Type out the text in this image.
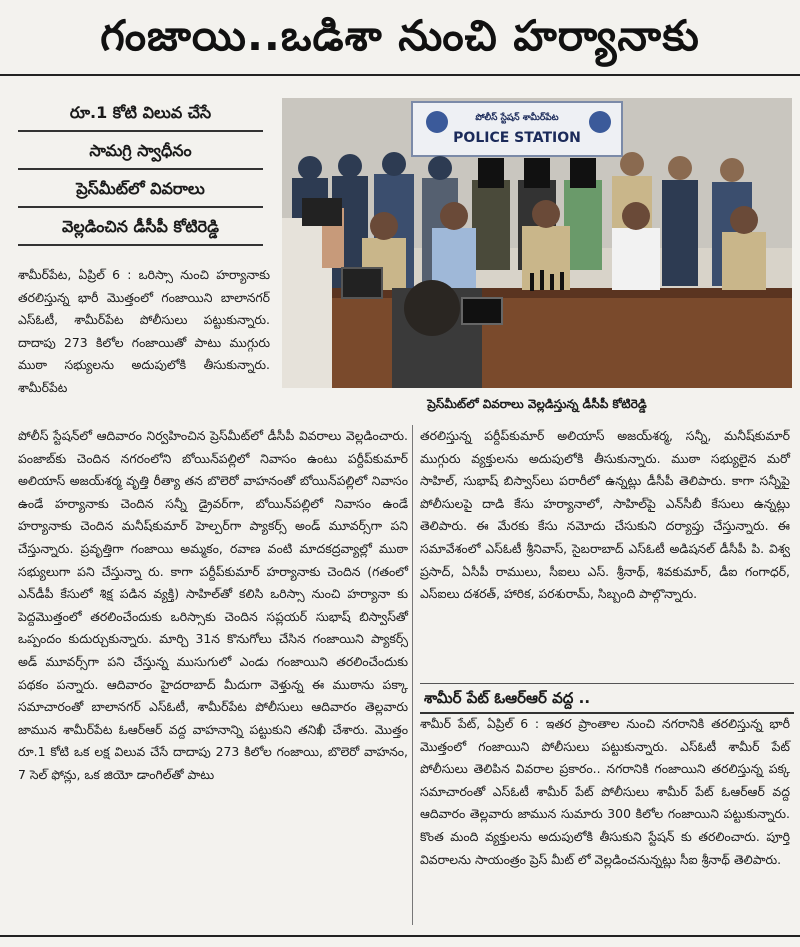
గంజాయి..ఒడిశా నుంచి హర్యానాకు
రూ.1 కోటి విలువ చేసే
సామగ్రి స్వాధీనం
ప్రెస్‌మీట్‌లో వివరాలు
వెల్లడించిన డీసీపీ కోటిరెడ్డి
పోలీస్ స్టేషన్ శామీర్‌పేట
POLICE STATION
ప్రెస్‌మీట్‌లో వివరాలు వెల్లడిస్తున్న డీసీపీ కోటిరెడ్డి

శామీర్‌పేట, ఏప్రిల్ 6 : ఒరిస్సా నుంచి హర్యానాకు తరలిస్తున్న భారీ మొత్తంలో గంజాయిని బాలానగర్ ఎస్ఓటీ, శామీర్‌పేట పోలీసులు పట్టుకున్నారు. దాదాపు 273 కిలోల గంజాయితో పాటు ముగ్గురు ముఠా సభ్యులను అదుపులోకి తీసుకున్నారు. శామీర్‌పేట

పోలీస్ స్టేషన్‌లో ఆదివారం నిర్వహించిన ప్రెస్‌మీట్‌లో డీసీపీ వివరాలు వెల్లడించారు. పంజాబ్‌కు చెందిన నగరంలోని బోయిన్‌పల్లిలో నివాసం ఉంటు పర్దీప్‌కుమార్ అలియాస్ అజయ్‌శర్మ వృత్తి రీత్యా తన బొలెరో వాహనంతో బోయిన్‌పల్లిలో నివాసం ఉండే హర్యానాకు చెందిన సన్నీ డ్రైవర్‌గా, బోయిన్‌పల్లిలో నివాసం ఉండే హర్యానాకు చెందిన మనీష్‌కుమార్ హెల్పర్‌గా ప్యాకర్స్ అండ్ మూవర్స్‌గా పని చేస్తున్నారు. ప్రవృత్తిగా గంజాయి అమ్మకం, రవాణ వంటి మాదకద్రవ్యాల్లో ముఠా సభ్యులుగా పని చేస్తున్నా రు. కాగా పర్దీప్‌కుమార్ హర్యానాకు చెందిన (గతంలో ఎన్‌డీపీ కేసులో శిక్ష పడిన వ్యక్తి) సాహిల్‌తో కలిసి ఒరిస్సా నుంచి హర్యానా కు పెద్దమొత్తంలో తరలించేందుకు ఒరిస్సాకు చెందిన సప్లయర్ సుభాష్ బిస్వాస్‌తో ఒప్పందం కుదుర్చుకున్నారు. మార్చి 31న కొనుగోలు చేసిన గంజాయిని ప్యాకర్స్ అడ్ మూవర్స్‌గా పని చేస్తున్న ముసుగులో ఎండు గంజాయిని తరలించేందుకు పథకం పన్నారు. ఆదివారం హైదరాబాద్ మీదుగా వెళ్తున్న ఈ ముఠాను పక్కా సమాచారంతో బాలానగర్ ఎస్ఓటీ, శామీర్‌పేట పోలీసులు ఆదివారం తెల్లవారు జామున శామీర్‌పేట ఓఆర్ఆర్ వద్ద వాహనాన్ని పట్టుకుని తనిఖీ చేశారు. మొత్తం రూ.1 కోటి ఒక లక్ష విలువ చేసే దాదాపు 273 కిలోల గంజాయి, బొలెరో వాహనం, 7 సెల్ ఫోన్లు, ఒక జియో డాంగిల్‌తో పాటు

తరలిస్తున్న పర్దీప్‌కుమార్ అలియాస్ అజయ్‌శర్మ, సన్నీ, మనీష్‌కుమార్ ముగ్గురు వ్యక్తులను అదుపులోకి తీసుకున్నారు. ముఠా సభ్యులైన మరో సాహిల్, సుభాష్ బిస్వాస్‌లు పరారీలో ఉన్నట్లు డీసీపీ తెలిపారు. కాగా సన్నీపై పోలీసులపై దాడి కేసు హర్యానాలో, సాహిల్‌పై ఎన్‌సీబీ కేసులు ఉన్నట్లు తెలిపారు. ఈ మేరకు కేసు నమోదు చేసుకుని దర్యాప్తు చేస్తున్నారు. ఈ సమావేశంలో ఎస్ఓటీ శ్రీనివాస్, సైబరాబాద్ ఎస్ఓటీ అడిషనల్ డీసీపీ పి. విశ్వ ప్రసాద్, ఏసీపీ రాములు, సీఐలు ఎస్. శ్రీనాథ్, శివకుమార్, డీఐ గంగాధర్, ఎస్ఐలు దశరత్, హారిక, పరశురామ్, సిబ్బంది పాల్గొన్నారు.

శామీర్ పేట్ ఓఆర్ఆర్ వద్ద ..

శామీర్ పేట్, ఏప్రిల్ 6 : ఇతర ప్రాంతాల నుంచి నగరానికి తరలిస్తున్న భారీ మొత్తంలో గంజాయిని పోలీసులు పట్టుకున్నారు. ఎస్ఓటీ శామీర్ పేట్ పోలీసులు తెలిపిన వివరాల ప్రకారం.. నగరానికి గంజాయిని తరలిస్తున్న పక్క సమాచారంతో ఎస్ఓటీ శామీర్ పేట్ పోలీసులు శామీర్ పేట్ ఓఆర్ఆర్ వద్ద ఆదివారం తెల్లవారు జామున సుమారు 300 కిలోల గంజాయిని పట్టుకున్నారు. కొంత మంది వ్యక్తులను అదుపులోకి తీసుకుని స్టేషన్ కు తరలించారు. పూర్తి వివరాలను సాయంత్రం ప్రెస్ మీట్ లో వెల్లడించనున్నట్లు సీఐ శ్రీనాథ్ తెలిపారు.
